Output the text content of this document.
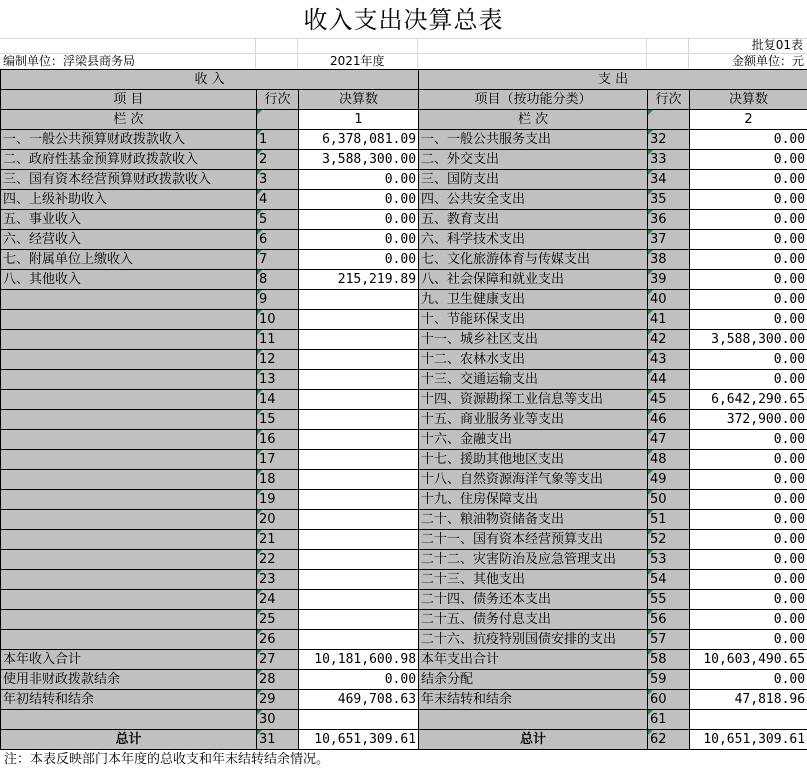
收入支出决算总表
批复01表
编制单位：浮梁县商务局	2021年度	金额单位：元
收 入			支 出		
项 目	行次	决算数	项目（按功能分类）	行次	决算数
栏 次		1	栏 次		2
一、一般公共预算财政拨款收入	1	6,378,081.09	一、一般公共服务支出	32	0.00
二、政府性基金预算财政拨款收入	2	3,588,300.00	二、外交支出	33	0.00
三、国有资本经营预算财政拨款收入	3	0.00	三、国防支出	34	0.00
四、上级补助收入	4	0.00	四、公共安全支出	35	0.00
五、事业收入	5	0.00	五、教育支出	36	0.00
六、经营收入	6	0.00	六、科学技术支出	37	0.00
七、附属单位上缴收入	7	0.00	七、文化旅游体育与传媒支出	38	0.00
八、其他收入	8	215,219.89	八、社会保障和就业支出	39	0.00
	9		九、卫生健康支出	40	0.00
	10		十、节能环保支出	41	0.00
	11		十一、城乡社区支出	42	3,588,300.00
	12		十二、农林水支出	43	0.00
	13		十三、交通运输支出	44	0.00
	14		十四、资源勘探工业信息等支出	45	6,642,290.65
	15		十五、商业服务业等支出	46	372,900.00
	16		十六、金融支出	47	0.00
	17		十七、援助其他地区支出	48	0.00
	18		十八、自然资源海洋气象等支出	49	0.00
	19		十九、住房保障支出	50	0.00
	20		二十、粮油物资储备支出	51	0.00
	21		二十一、国有资本经营预算支出	52	0.00
	22		二十二、灾害防治及应急管理支出	53	0.00
	23		二十三、其他支出	54	0.00
	24		二十四、债务还本支出	55	0.00
	25		二十五、债务付息支出	56	0.00
	26		二十六、抗疫特别国债安排的支出	57	0.00
本年收入合计	27	10,181,600.98	本年支出合计	58	10,603,490.65
使用非财政拨款结余	28	0.00	结余分配	59	0.00
年初结转和结余	29	469,708.63	年末结转和结余	60	47,818.96
	30			61	
总计	31	10,651,309.61	总计	62	10,651,309.61
注：本表反映部门本年度的总收支和年末结转结余情况。
